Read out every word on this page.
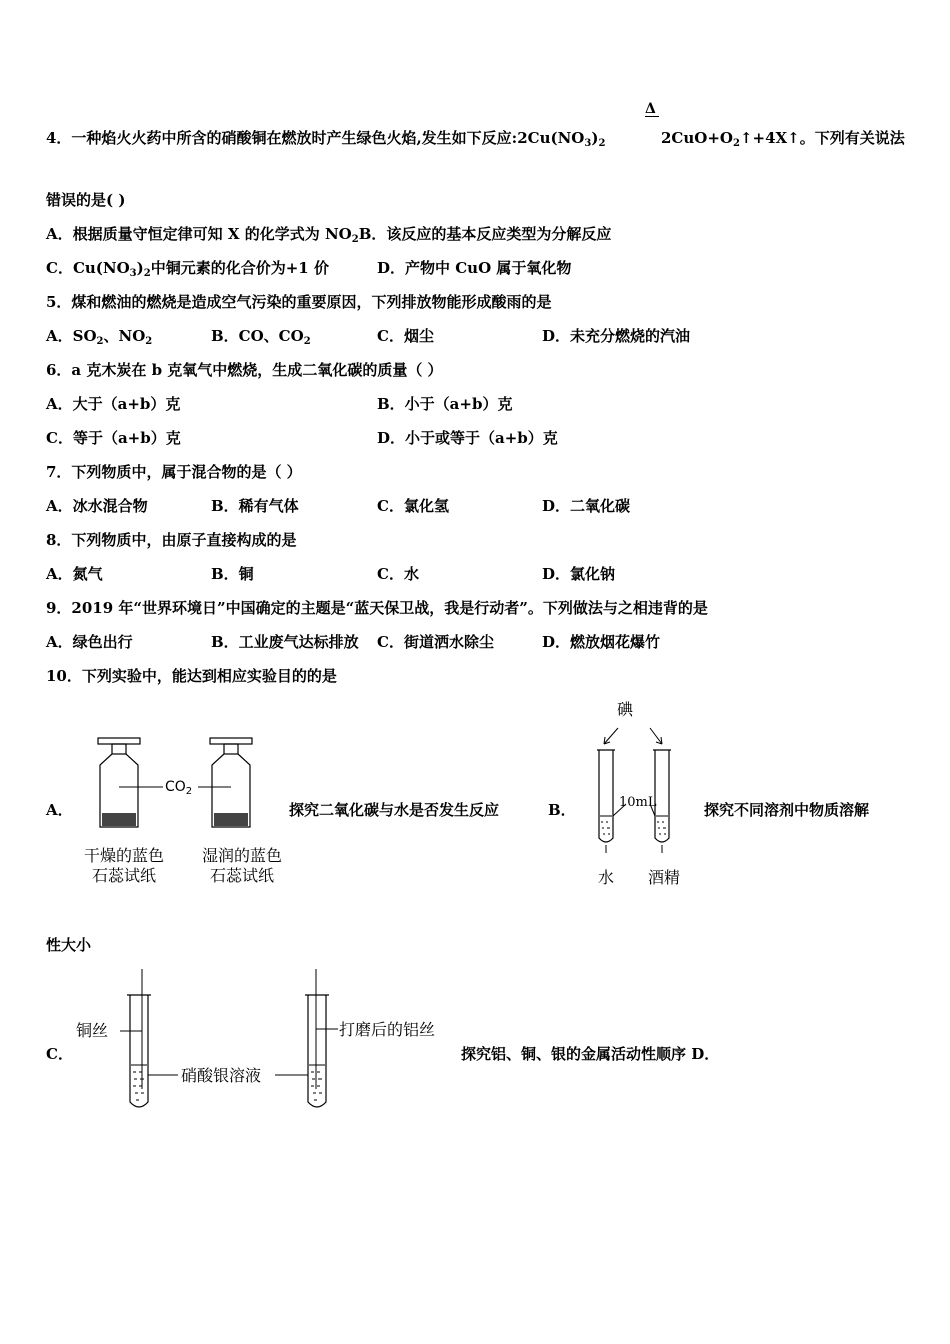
Δ
4．一种焰火火药中所含的硝酸铜在燃放时产生绿色火焰,发生如下反应$:2Cu(NO_3)_2$	$2CuO+O_2↑+4X↑$。下列有关说法
错误的是( )
A．根据质量守恒定律可知 X 的化学式为 $NO_2B$．该反应的基本反应类型为分解反应
C．$Cu(NO_3)_2$中铜元素的化合价为+1 价	D．产物中 CuO 属于氧化物
5．煤和燃油的燃烧是造成空气污染的重要原因，下列排放物能形成酸雨的是
A．$SO_2$、$NO_2$	B．CO、$CO_2$	C．烟尘	D．未充分燃烧的汽油
6．a 克木炭在 b 克氧气中燃烧，生成二氧化碳的质量（ ）
A．大于（a+b）克	B．小于（a+b）克
C．等于（a+b）克	D．小于或等于（a+b）克
7．下列物质中，属于混合物的是（ ）
A．冰水混合物	B．稀有气体	C．氯化氢	D．二氧化碳
8．下列物质中，由原子直接构成的是
A．氮气	B．铜	C．水	D．氯化钠
9．2019 年“世界环境日”中国确定的主题是“蓝天保卫战，我是行动者”。下列做法与之相违背的是
A．绿色出行	B．工业废气达标排放 C．街道洒水除尘	D．燃放烟花爆竹
10．下列实验中，能达到相应实验目的的是
A．
$CO_2$
干燥的蓝色
石蕊试纸
湿润的蓝色
石蕊试纸
探究二氧化碳与水是否发生反应	B．
碘
10mL
水 酒精
探究不同溶剂中物质溶解
性大小
C．
铜丝	打磨后的铝丝
硝酸银溶液
探究铝、铜、银的金属活动性顺序 D．
